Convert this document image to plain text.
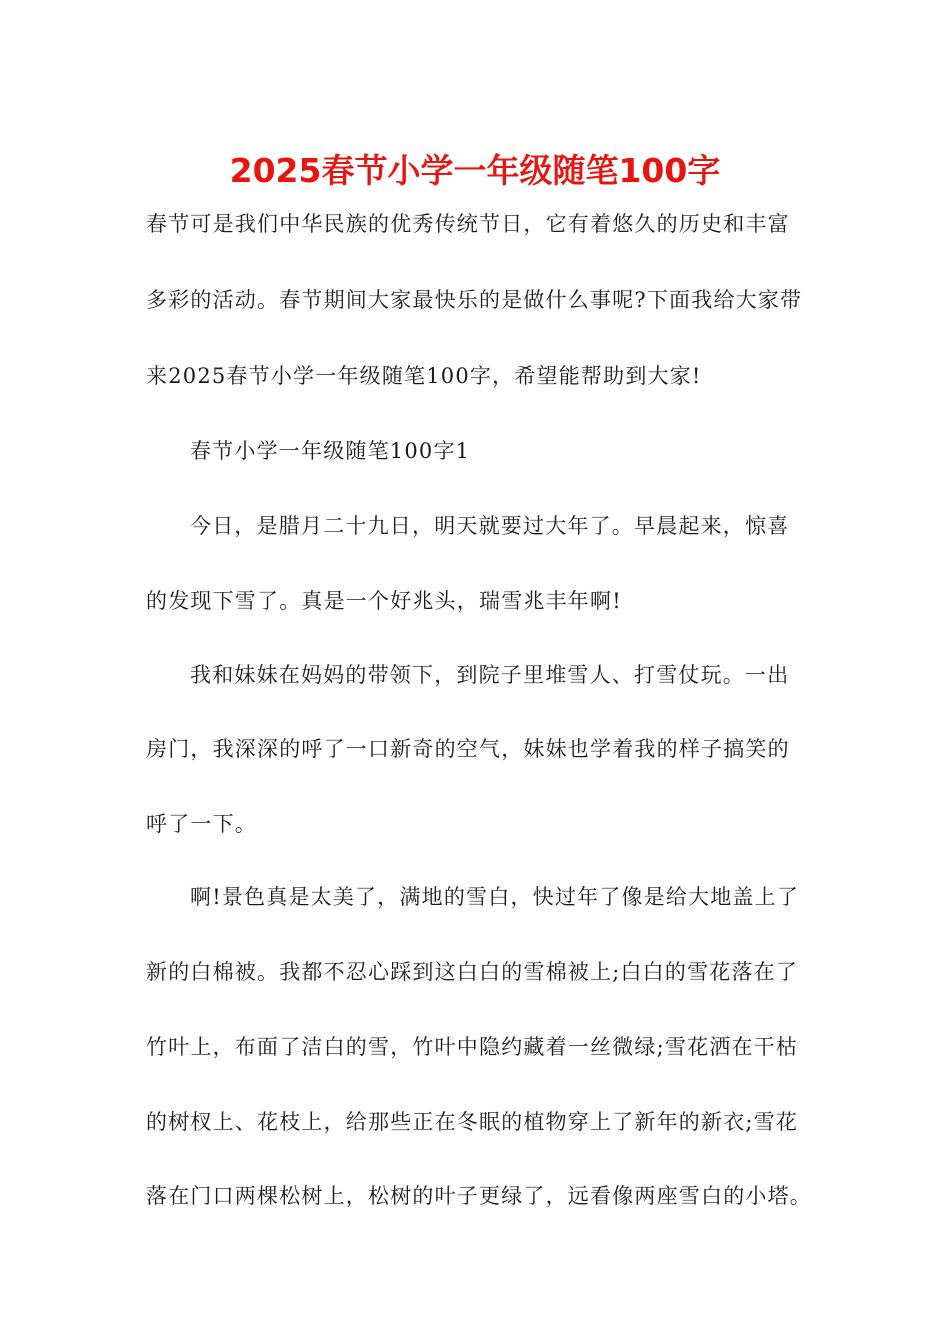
2025春节小学一年级随笔100字
春节可是我们中华民族的优秀传统节日，它有着悠久的历史和丰富
多彩的活动。春节期间大家最快乐的是做什么事呢?下面我给大家带
来2025春节小学一年级随笔100字，希望能帮助到大家!
春节小学一年级随笔100字1
今日，是腊月二十九日，明天就要过大年了。早晨起来，惊喜
的发现下雪了。真是一个好兆头，瑞雪兆丰年啊!
我和妹妹在妈妈的带领下，到院子里堆雪人、打雪仗玩。一出
房门，我深深的呼了一口新奇的空气，妹妹也学着我的样子搞笑的
呼了一下。
啊!景色真是太美了，满地的雪白，快过年了像是给大地盖上了
新的白棉被。我都不忍心踩到这白白的雪棉被上;白白的雪花落在了
竹叶上，布面了洁白的雪，竹叶中隐约藏着一丝微绿;雪花洒在干枯
的树杈上、花枝上，给那些正在冬眠的植物穿上了新年的新衣;雪花
落在门口两棵松树上，松树的叶子更绿了，远看像两座雪白的小塔。
